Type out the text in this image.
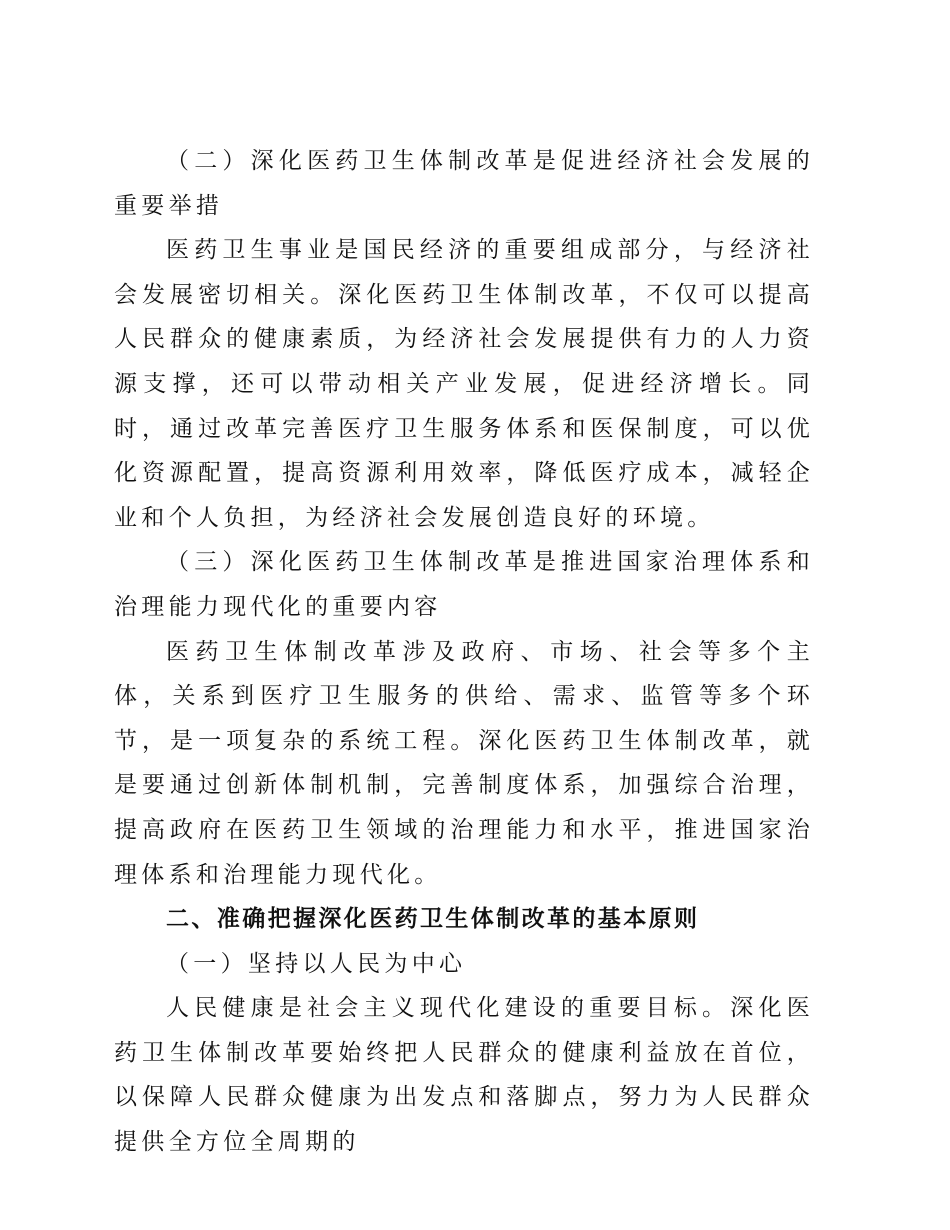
（二）深化医药卫生体制改革是促进经济社会发展的重要举措

医药卫生事业是国民经济的重要组成部分，与经济社会发展密切相关。深化医药卫生体制改革，不仅可以提高人民群众的健康素质，为经济社会发展提供有力的人力资源支撑，还可以带动相关产业发展，促进经济增长。同时，通过改革完善医疗卫生服务体系和医保制度，可以优化资源配置，提高资源利用效率，降低医疗成本，减轻企业和个人负担，为经济社会发展创造良好的环境。

（三）深化医药卫生体制改革是推进国家治理体系和治理能力现代化的重要内容

医药卫生体制改革涉及政府、市场、社会等多个主体，关系到医疗卫生服务的供给、需求、监管等多个环节，是一项复杂的系统工程。深化医药卫生体制改革，就是要通过创新体制机制，完善制度体系，加强综合治理，提高政府在医药卫生领域的治理能力和水平，推进国家治理体系和治理能力现代化。

二、准确把握深化医药卫生体制改革的基本原则

（一）坚持以人民为中心

人民健康是社会主义现代化建设的重要目标。深化医药卫生体制改革要始终把人民群众的健康利益放在首位，以保障人民群众健康为出发点和落脚点，努力为人民群众提供全方位全周期的
